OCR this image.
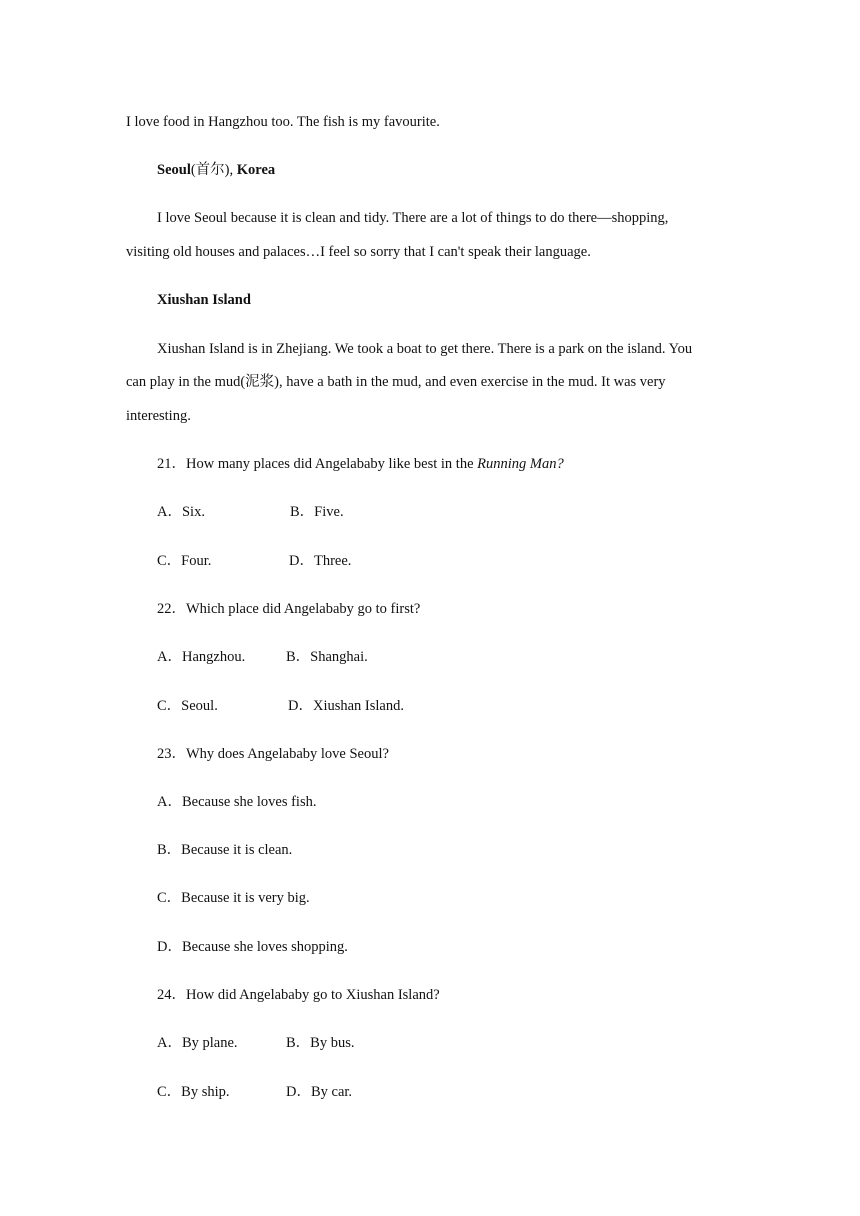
I love food in Hangzhou too. The fish is my favourite.
Seoul(首尔), Korea
I love Seoul because it is clean and tidy. There are a lot of things to do there—shopping,
visiting old houses and palaces…I feel so sorry that I can't speak their language.
Xiushan Island
Xiushan Island is in Zhejiang. We took a boat to get there. There is a park on the island. You
can play in the mud(泥浆), have a bath in the mud, and even exercise in the mud. It was very
interesting.
21．How many places did Angelababy like best in the Running Man?
A．Six.	B．Five.
C．Four.	D．Three.
22．Which place did Angelababy go to first?
A．Hangzhou.	B．Shanghai.
C．Seoul.	D．Xiushan Island.
23．Why does Angelababy love Seoul?
A．Because she loves fish.
B．Because it is clean.
C．Because it is very big.
D．Because she loves shopping.
24．How did Angelababy go to Xiushan Island?
A．By plane.	B．By bus.
C．By ship.	D．By car.
